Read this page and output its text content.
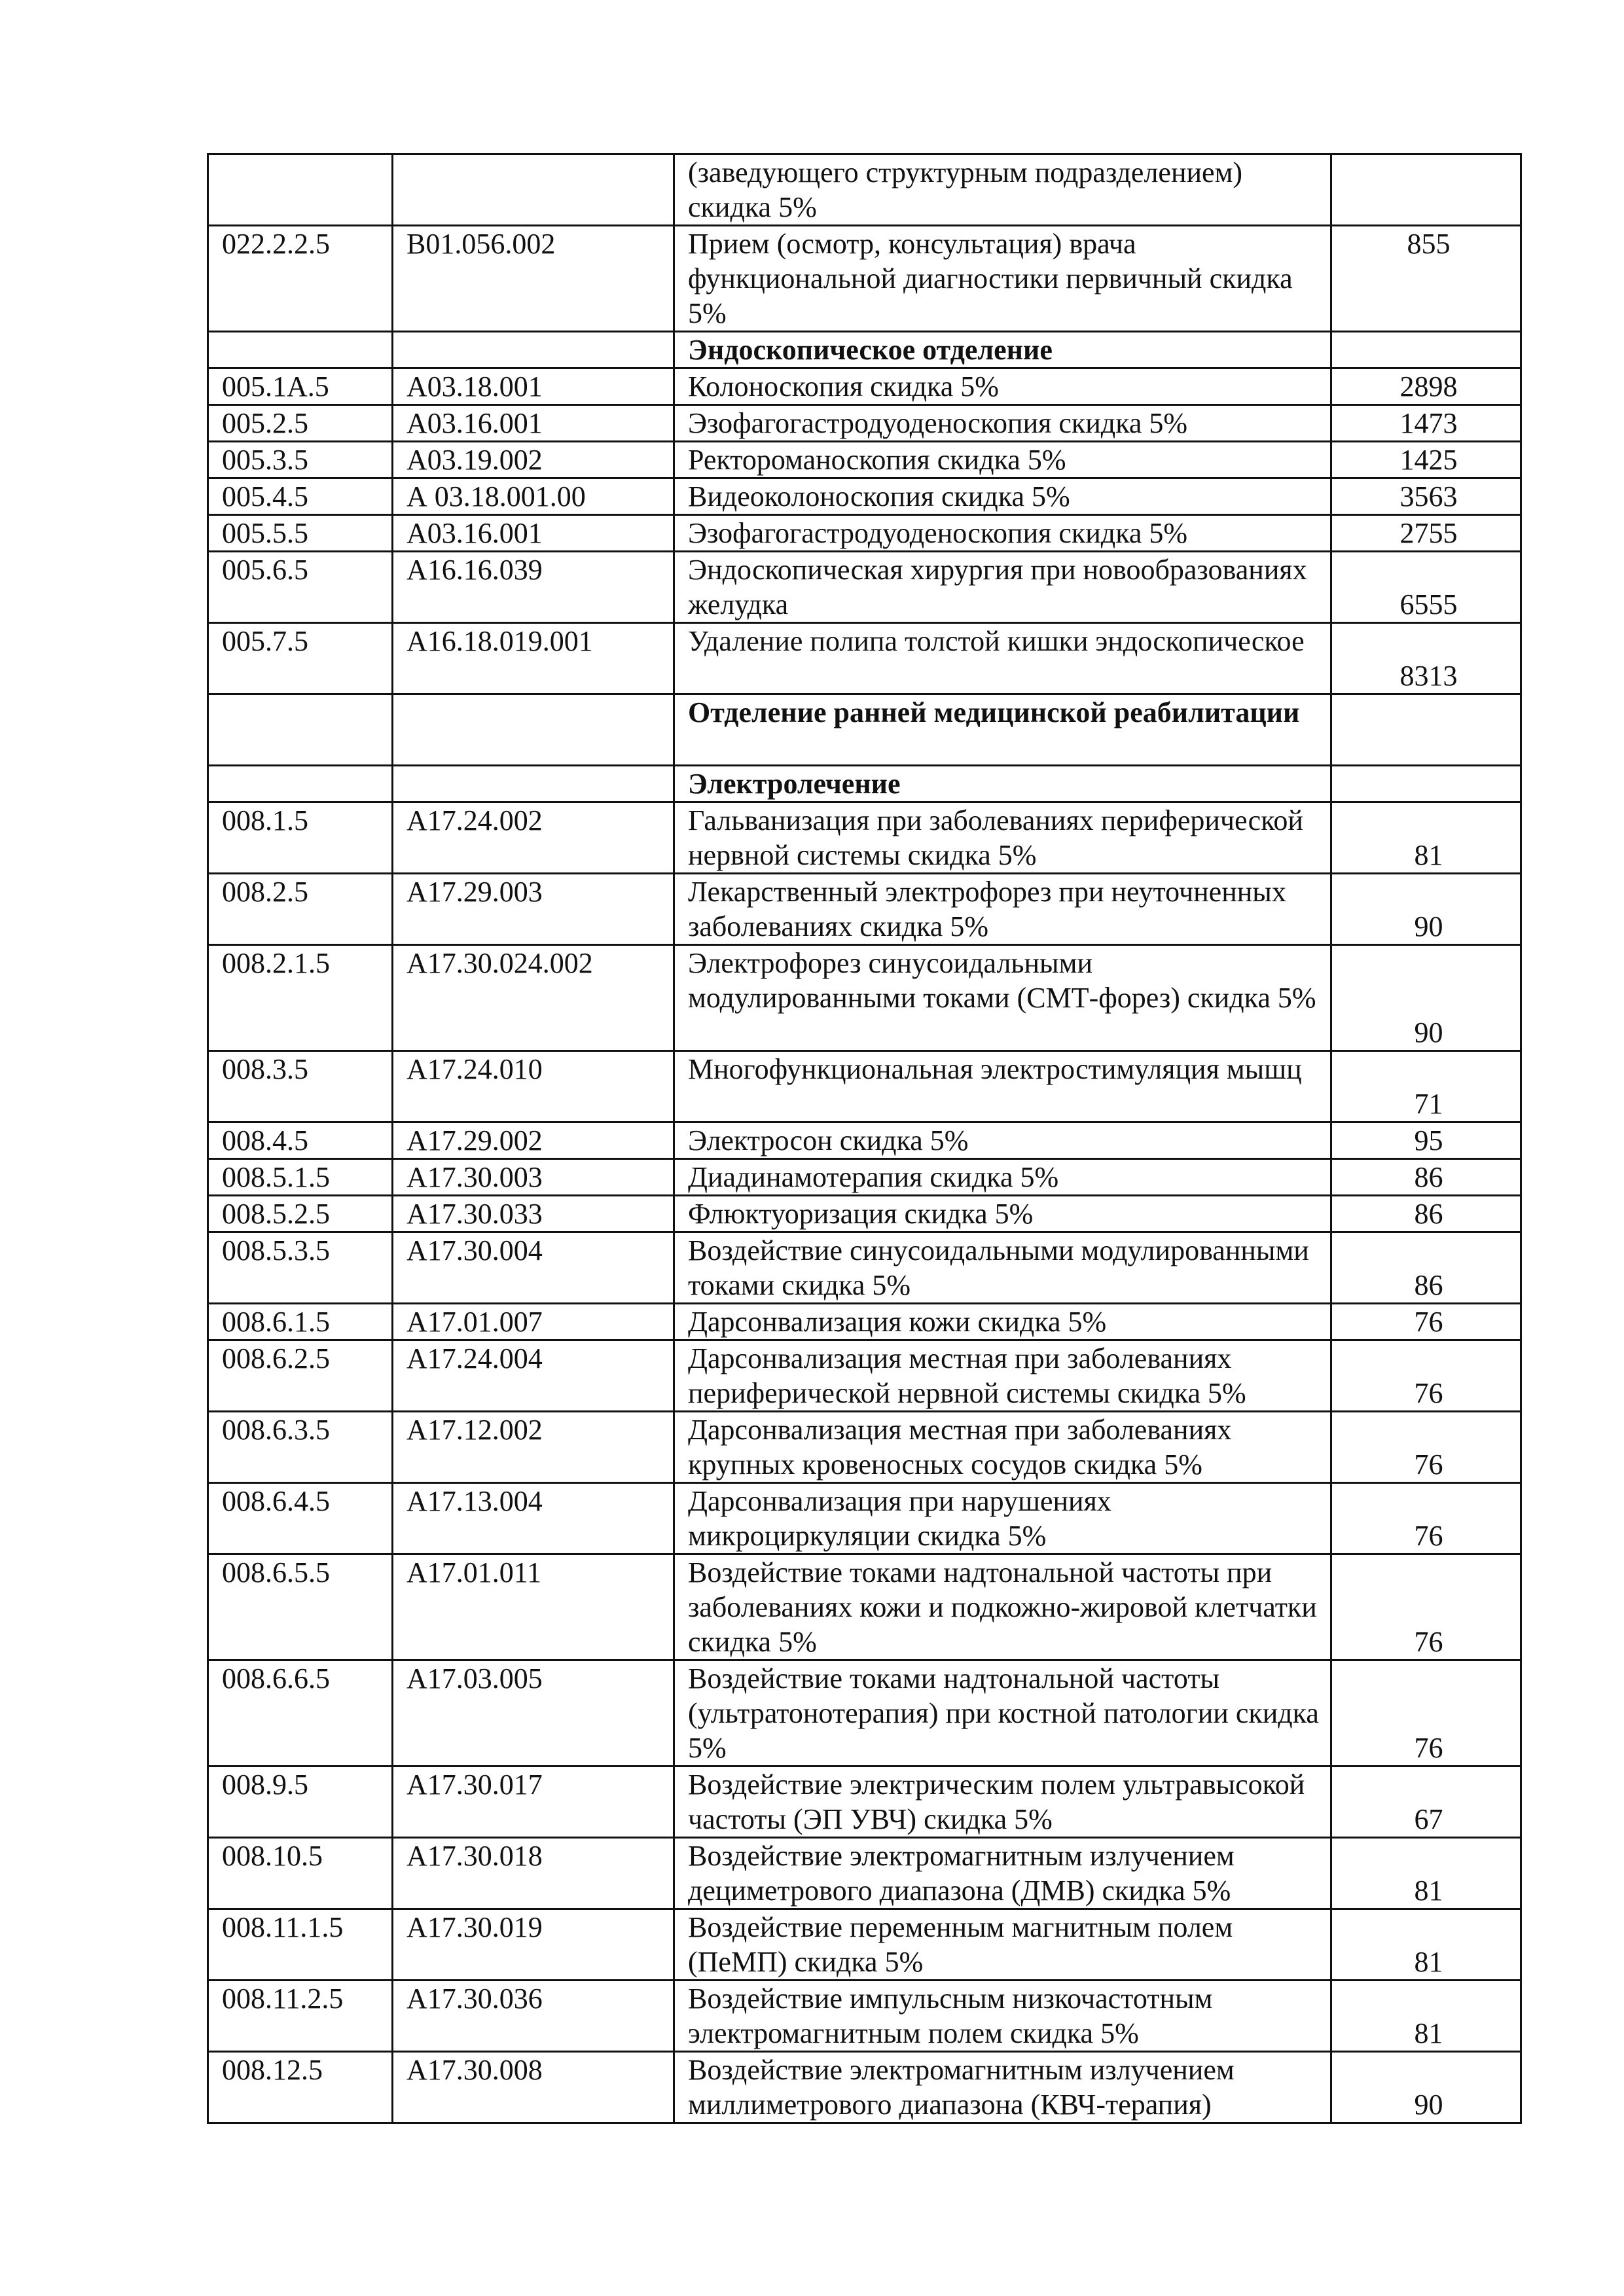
		(заведующего структурным подразделением) скидка 5%	
022.2.2.5	B01.056.002	Прием (осмотр, консультация) врача функциональной диагностики первичный скидка 5%	855
		Эндоскопическое отделение	
005.1А.5	А03.18.001	Колоноскопия скидка 5%	2898
005.2.5	А03.16.001	Эзофагогастродуоденоскопия скидка 5%	1473
005.3.5	А03.19.002	Ректороманоскопия скидка 5%	1425
005.4.5	А 03.18.001.00	Видеоколоноскопия скидка 5%	3563
005.5.5	А03.16.001	Эзофагогастродуоденоскопия скидка 5%	2755
005.6.5	А16.16.039	Эндоскопическая хирургия при новообразованиях желудка	6555
005.7.5	А16.18.019.001	Удаление полипа толстой кишки эндоскопическое	8313
		Отделение ранней медицинской реабилитации	
		Электролечение	
008.1.5	А17.24.002	Гальванизация при заболеваниях периферической нервной системы скидка 5%	81
008.2.5	А17.29.003	Лекарственный электрофорез при неуточненных заболеваниях скидка 5%	90
008.2.1.5	А17.30.024.002	Электрофорез синусоидальными модулированными токами (СМТ-форез) скидка 5%	90
008.3.5	А17.24.010	Многофункциональная электростимуляция мышц	71
008.4.5	А17.29.002	Электросон скидка 5%	95
008.5.1.5	А17.30.003	Диадинамотерапия скидка 5%	86
008.5.2.5	А17.30.033	Флюктуоризация скидка 5%	86
008.5.3.5	А17.30.004	Воздействие синусоидальными модулированными токами скидка 5%	86
008.6.1.5	А17.01.007	Дарсонвализация кожи скидка 5%	76
008.6.2.5	А17.24.004	Дарсонвализация местная при заболеваниях периферической нервной системы скидка 5%	76
008.6.3.5	А17.12.002	Дарсонвализация местная при заболеваниях крупных кровеносных сосудов скидка 5%	76
008.6.4.5	А17.13.004	Дарсонвализация при нарушениях микроциркуляции скидка 5%	76
008.6.5.5	А17.01.011	Воздействие токами надтональной частоты при заболеваниях кожи и подкожно-жировой клетчатки скидка 5%	76
008.6.6.5	А17.03.005	Воздействие токами надтональной частоты (ультратонотерапия) при костной патологии скидка 5%	76
008.9.5	А17.30.017	Воздействие электрическим полем ультравысокой частоты (ЭП УВЧ) скидка 5%	67
008.10.5	А17.30.018	Воздействие электромагнитным излучением дециметрового диапазона (ДМВ) скидка 5%	81
008.11.1.5	А17.30.019	Воздействие переменным магнитным полем (ПеМП) скидка 5%	81
008.11.2.5	А17.30.036	Воздействие импульсным низкочастотным электромагнитным полем скидка 5%	81
008.12.5	А17.30.008	Воздействие электромагнитным излучением миллиметрового диапазона (КВЧ-терапия)	90
